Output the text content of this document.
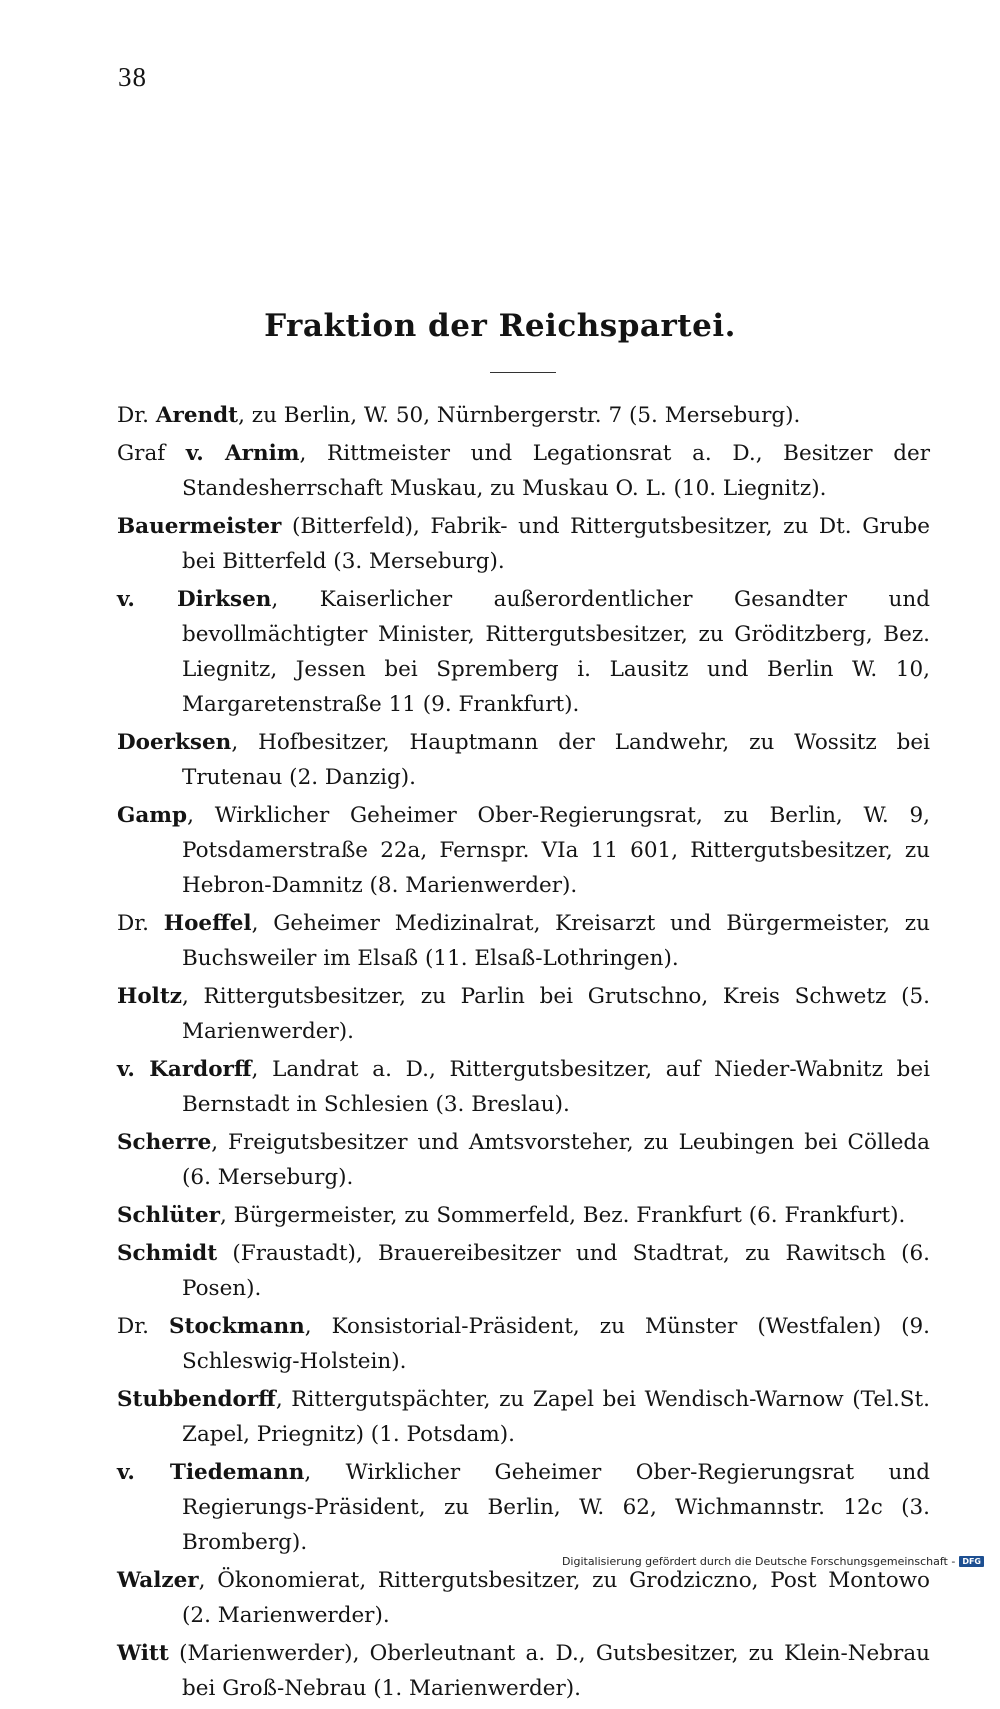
38
Fraktion der Reichspartei.

Dr. Arendt, zu Berlin, W. 50, Nürnbergerstr. 7 (5. Merseburg).

Graf v. Arnim, Rittmeister und Legationsrat a. D., Besitzer der Standesherrschaft Muskau, zu Muskau O. L. (10. Liegnitz).

Bauermeister (Bitterfeld), Fabrik- und Rittergutsbesitzer, zu Dt. Grube bei Bitterfeld (3. Merseburg).

v. Dirksen, Kaiserlicher außerordentlicher Gesandter und bevollmächtigter Minister, Rittergutsbesitzer, zu Gröditzberg, Bez. Liegnitz, Jessen bei Spremberg i. Lausitz und Berlin W. 10, Margaretenstraße 11 (9. Frankfurt).

Doerksen, Hofbesitzer, Hauptmann der Landwehr, zu Wossitz bei Trutenau (2. Danzig).

Gamp, Wirklicher Geheimer Ober-Regierungsrat, zu Berlin, W. 9, Potsdamerstraße 22a, Fernspr. VIa 11 601, Rittergutsbesitzer, zu Hebron-Damnitz (8. Marienwerder).

Dr. Hoeffel, Geheimer Medizinalrat, Kreisarzt und Bürgermeister, zu Buchsweiler im Elsaß (11. Elsaß-Lothringen).

Holtz, Rittergutsbesitzer, zu Parlin bei Grutschno, Kreis Schwetz (5. Marienwerder).

v. Kardorff, Landrat a. D., Rittergutsbesitzer, auf Nieder-Wabnitz bei Bernstadt in Schlesien (3. Breslau).

Scherre, Freigutsbesitzer und Amtsvorsteher, zu Leubingen bei Cölleda (6. Merseburg).

Schlüter, Bürgermeister, zu Sommerfeld, Bez. Frankfurt (6. Frankfurt).

Schmidt (Fraustadt), Brauereibesitzer und Stadtrat, zu Rawitsch (6. Posen).

Dr. Stockmann, Konsistorial-Präsident, zu Münster (Westfalen) (9. Schleswig-Holstein).

Stubbendorff, Rittergutspächter, zu Zapel bei Wendisch-Warnow (Tel.St. Zapel, Priegnitz) (1. Potsdam).

v. Tiedemann, Wirklicher Geheimer Ober-Regierungsrat und Regierungs-Präsident, zu Berlin, W. 62, Wichmannstr. 12c (3. Bromberg).

Walzer, Ökonomierat, Rittergutsbesitzer, zu Grodziczno, Post Montowo (2. Marienwerder).

Witt (Marienwerder), Oberleutnant a. D., Gutsbesitzer, zu Klein-Nebrau bei Groß-Nebrau (1. Marienwerder).

Digitalisierung gefördert durch die Deutsche Forschungsgemeinschaft - DFG
